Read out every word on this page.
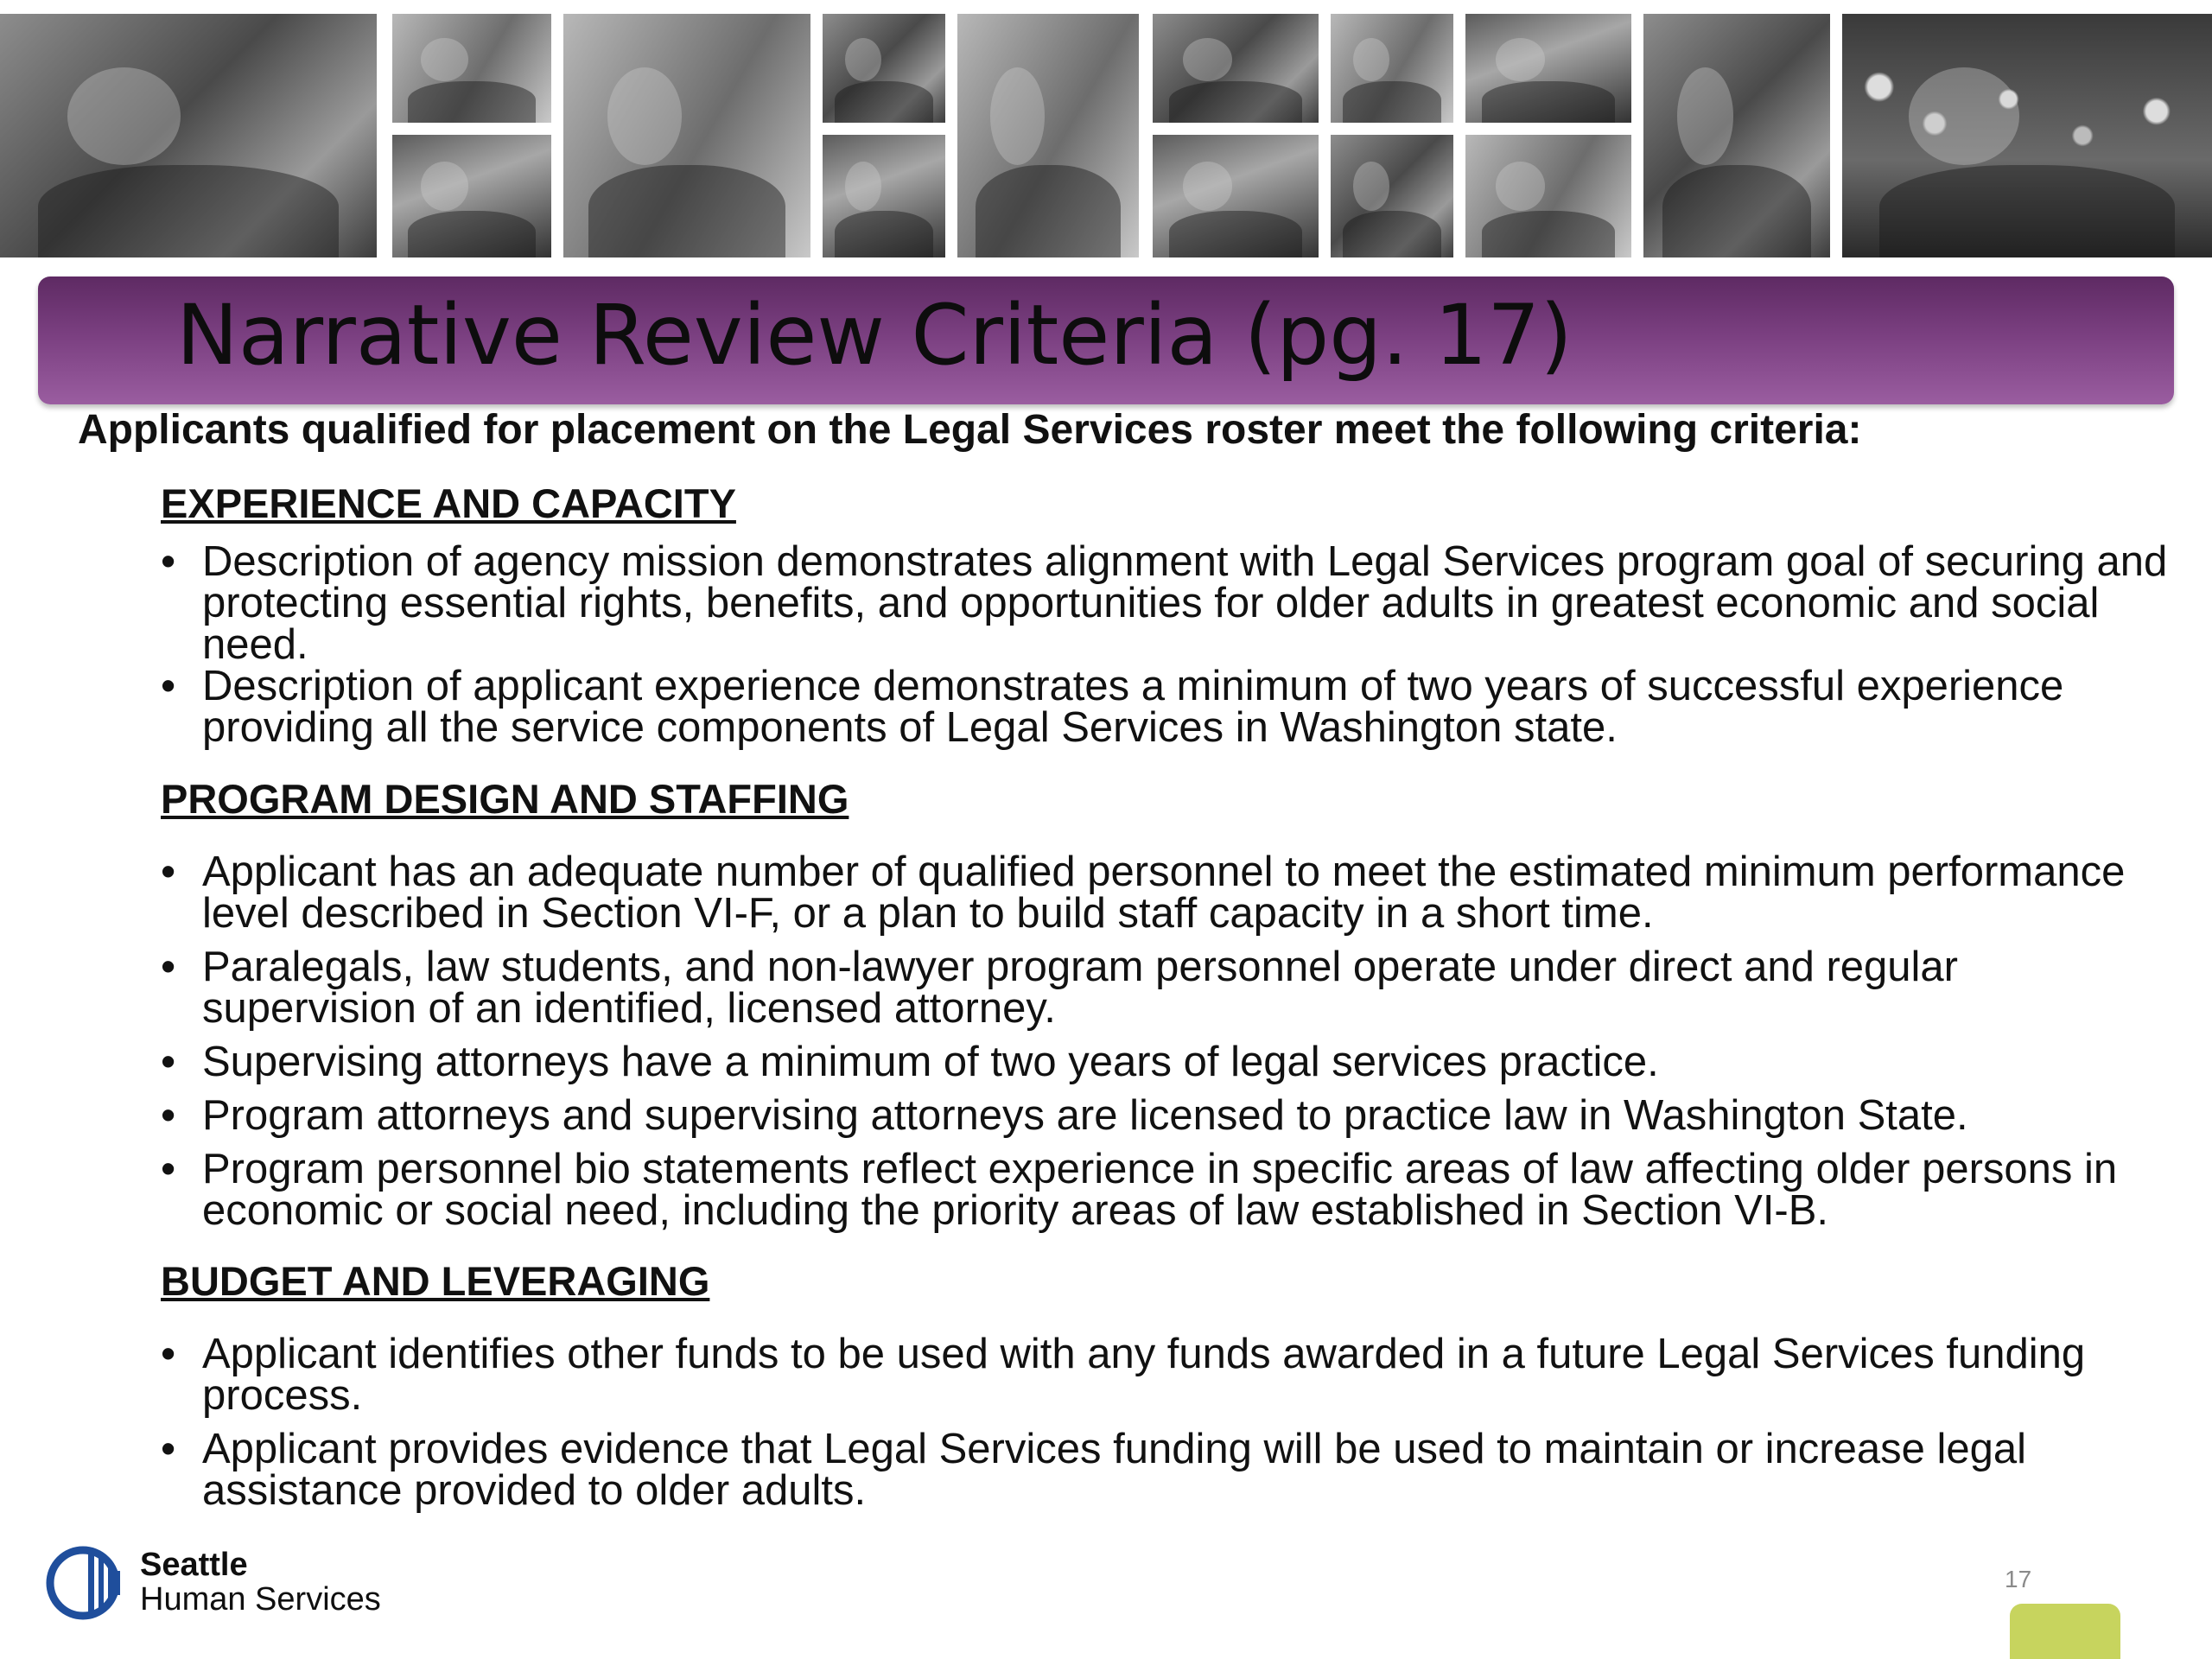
Narrative Review Criteria (pg. 17)
Applicants qualified for placement on the Legal Services roster meet the following criteria:
EXPERIENCE AND CAPACITY
• Description of agency mission demonstrates alignment with Legal Services program goal of securing and protecting essential rights, benefits, and opportunities for older adults in greatest economic and social need.
• Description of applicant experience demonstrates a minimum of two years of successful experience providing all the service components of Legal Services in Washington state.
PROGRAM DESIGN AND STAFFING
• Applicant has an adequate number of qualified personnel to meet the estimated minimum performance level described in Section VI-F, or a plan to build staff capacity in a short time.
• Paralegals, law students, and non-lawyer program personnel operate under direct and regular supervision of an identified, licensed attorney.
• Supervising attorneys have a minimum of two years of legal services practice.
• Program attorneys and supervising attorneys are licensed to practice law in Washington State.
• Program personnel bio statements reflect experience in specific areas of law affecting older persons in economic or social need, including the priority areas of law established in Section VI-B.
BUDGET AND LEVERAGING
• Applicant identifies other funds to be used with any funds awarded in a future Legal Services funding process.
• Applicant provides evidence that Legal Services funding will be used to maintain or increase legal assistance provided to older adults.
Seattle
Human Services
17
